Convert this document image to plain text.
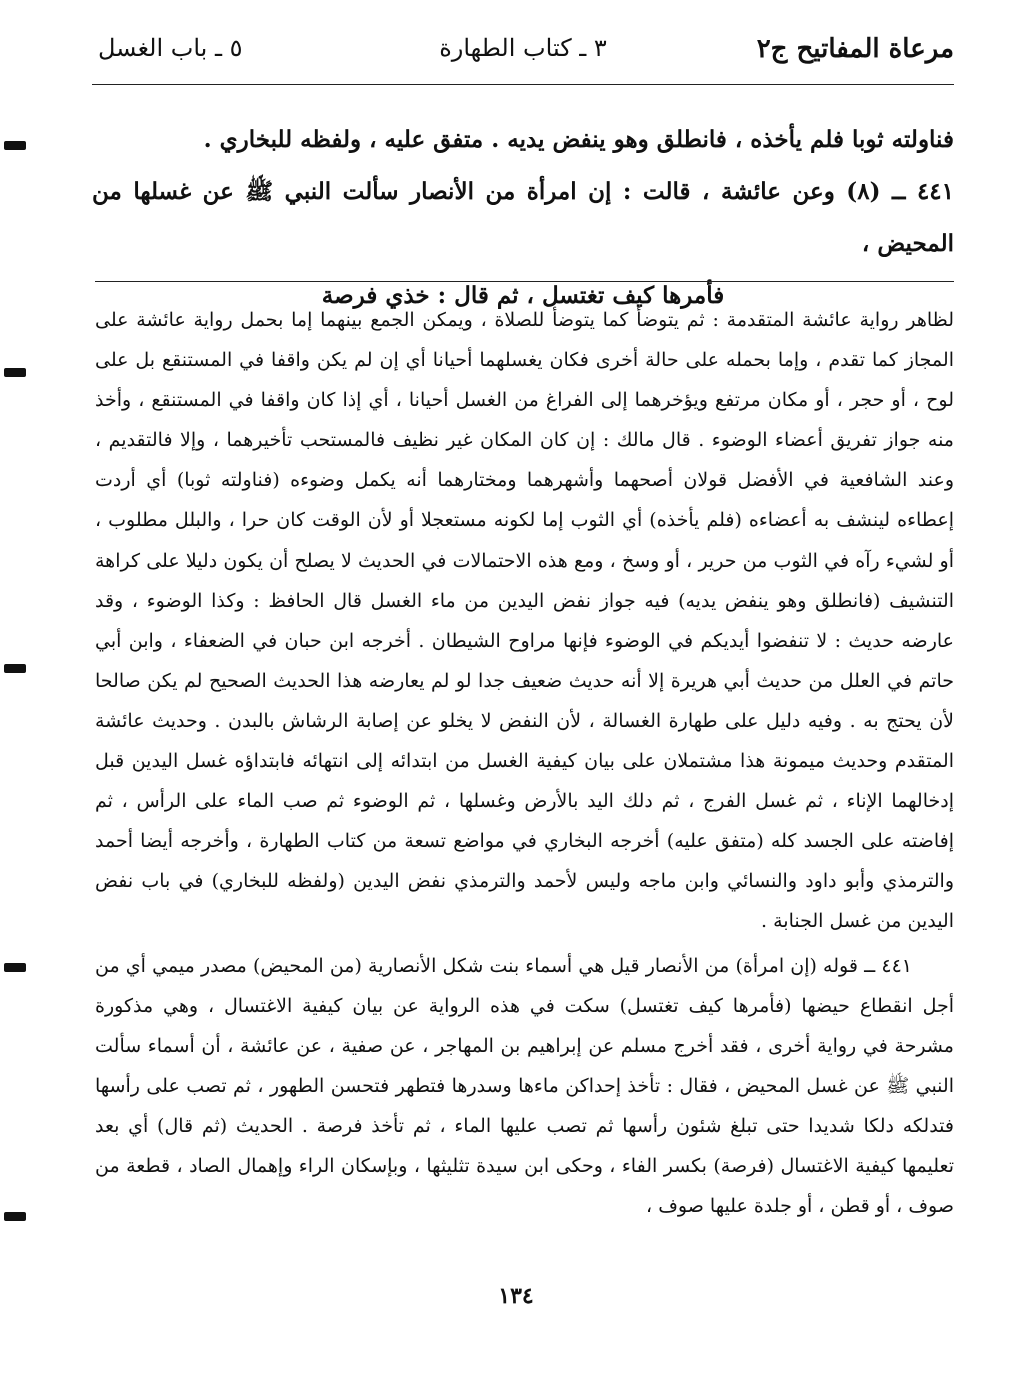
مرعاة المفاتيح ج٢
٣ ـ كتاب الطهارة
٥ ـ باب الغسل

فناولته ثوبا فلم يأخذه ، فانطلق وهو ينفض يديه . متفق عليه ، ولفظه للبخاري .

٤٤١ ــ (٨) وعن عائشة ، قالت : إن امرأة من الأنصار سألت النبي ﷺ عن غسلها من المحيض ،

فأمرها كيف تغتسل ، ثم قال : خذي فرصة

لظاهر رواية عائشة المتقدمة : ثم يتوضأ كما يتوضأ للصلاة ، ويمكن الجمع بينهما إما بحمل رواية عائشة على المجاز كما تقدم ، وإما بحمله على حالة أخرى فكان يغسلهما أحيانا أي إن لم يكن واقفا في المستنقع بل على لوح ، أو حجر ، أو مكان مرتفع ويؤخرهما إلى الفراغ من الغسل أحيانا ، أي إذا كان واقفا في المستنقع ، وأخذ منه جواز تفريق أعضاء الوضوء . قال مالك : إن كان المكان غير نظيف فالمستحب تأخيرهما ، وإلا فالتقديم ، وعند الشافعية في الأفضل قولان أصحهما وأشهرهما ومختارهما أنه يكمل وضوءه (فناولته ثوبا) أي أردت إعطاءه لينشف به أعضاءه (فلم يأخذه) أي الثوب إما لكونه مستعجلا أو لأن الوقت كان حرا ، والبلل مطلوب ، أو لشيء رآه في الثوب من حرير ، أو وسخ ، ومع هذه الاحتمالات في الحديث لا يصلح أن يكون دليلا على كراهة التنشيف (فانطلق وهو ينفض يديه) فيه جواز نفض اليدين من ماء الغسل قال الحافظ : وكذا الوضوء ، وقد عارضه حديث : لا تنفضوا أيديكم في الوضوء فإنها مراوح الشيطان . أخرجه ابن حبان في الضعفاء ، وابن أبي حاتم في العلل من حديث أبي هريرة إلا أنه حديث ضعيف جدا لو لم يعارضه هذا الحديث الصحيح لم يكن صالحا لأن يحتج به . وفيه دليل على طهارة الغسالة ، لأن النفض لا يخلو عن إصابة الرشاش بالبدن . وحديث عائشة المتقدم وحديث ميمونة هذا مشتملان على بيان كيفية الغسل من ابتدائه إلى انتهائه فابتداؤه غسل اليدين قبل إدخالهما الإناء ، ثم غسل الفرج ، ثم دلك اليد بالأرض وغسلها ، ثم الوضوء ثم صب الماء على الرأس ، ثم إفاضته على الجسد كله (متفق عليه) أخرجه البخاري في مواضع تسعة من كتاب الطهارة ، وأخرجه أيضا أحمد والترمذي وأبو داود والنسائي وابن ماجه وليس لأحمد والترمذي نفض اليدين (ولفظه للبخاري) في باب نفض اليدين من غسل الجنابة .

٤٤١ ــ قوله (إن امرأة) من الأنصار قيل هي أسماء بنت شكل الأنصارية (من المحيض) مصدر ميمي أي من أجل انقطاع حيضها (فأمرها كيف تغتسل) سكت في هذه الرواية عن بيان كيفية الاغتسال ، وهي مذكورة مشرحة في رواية أخرى ، فقد أخرج مسلم عن إبراهيم بن المهاجر ، عن صفية ، عن عائشة ، أن أسماء سألت النبي ﷺ عن غسل المحيض ، فقال : تأخذ إحداكن ماءها وسدرها فتطهر فتحسن الطهور ، ثم تصب على رأسها فتدلكه دلكا شديدا حتى تبلغ شئون رأسها ثم تصب عليها الماء ، ثم تأخذ فرصة . الحديث (ثم قال) أي بعد تعليمها كيفية الاغتسال (فرصة) بكسر الفاء ، وحكى ابن سيدة تثليثها ، وبإسكان الراء وإهمال الصاد ، قطعة من صوف ، أو قطن ، أو جلدة عليها صوف ،

١٣٤
